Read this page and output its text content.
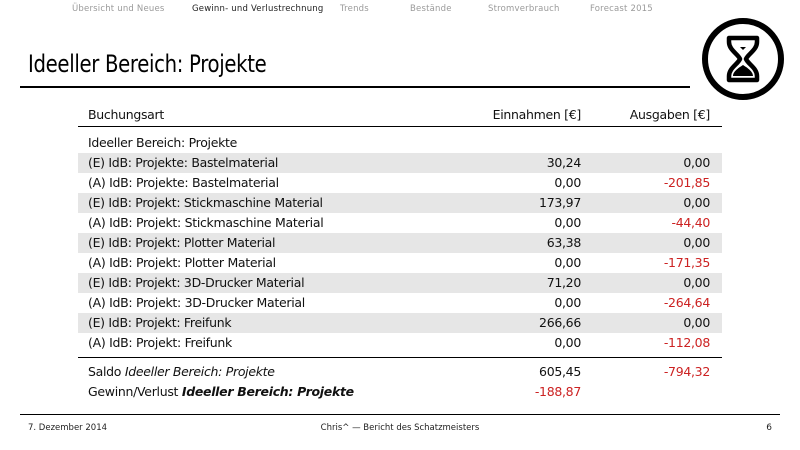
Übersicht und Neues	Gewinn- und Verlustrechnung Trends	Bestände	Stromverbrauch	Forecast 2015
Ideeller Bereich: Projekte
Buchungsart	Einnahmen [€]	Ausgaben [€]
Ideeller Bereich: Projekte
(E) IdB: Projekte: Bastelmaterial	30,24	0,00
(A) IdB: Projekte: Bastelmaterial	0,00	-201,85
(E) IdB: Projekt: Stickmaschine Material	173,97	0,00
(A) IdB: Projekt: Stickmaschine Material	0,00	-44,40
(E) IdB: Projekt: Plotter Material	63,38	0,00
(A) IdB: Projekt: Plotter Material	0,00	-171,35
(E) IdB: Projekt: 3D-Drucker Material	71,20	0,00
(A) IdB: Projekt: 3D-Drucker Material	0,00	-264,64
(E) IdB: Projekt: Freifunk	266,66	0,00
(A) IdB: Projekt: Freifunk	0,00	-112,08
Saldo Ideeller Bereich: Projekte	605,45	-794,32
Gewinn/Verlust Ideeller Bereich: Projekte	-188,87
7. Dezember 2014	Chris^ — Bericht des Schatzmeisters	6
